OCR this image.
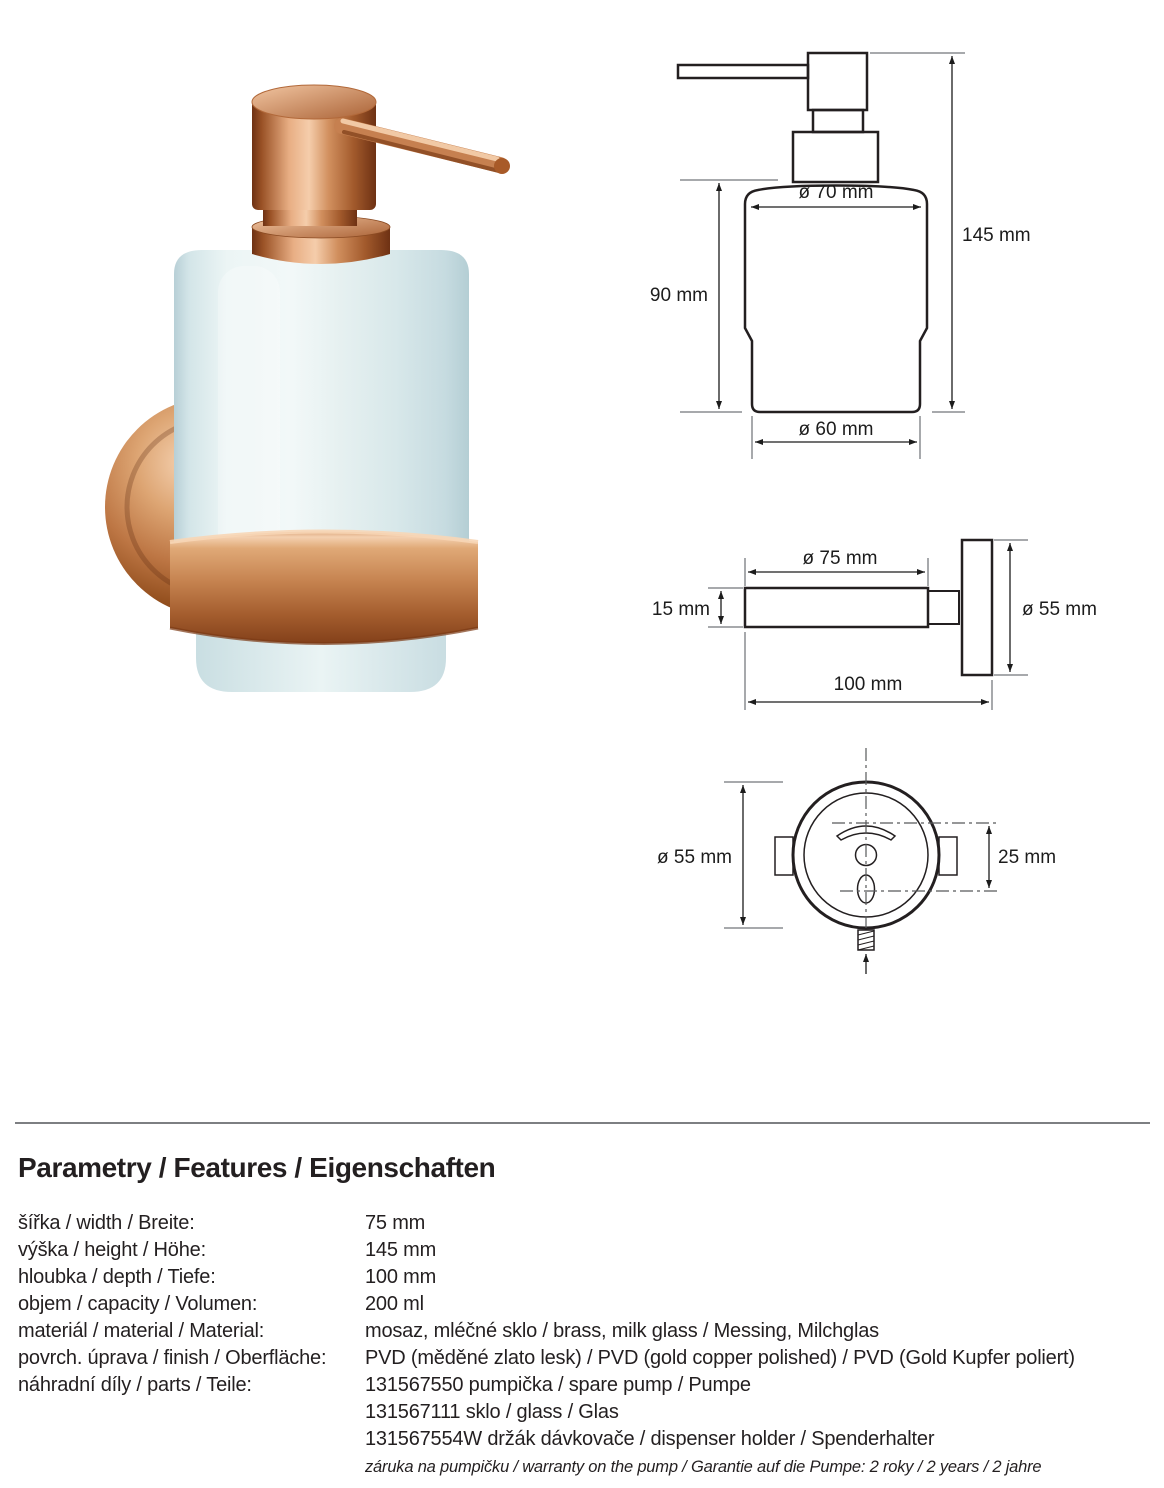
ø 70 mm
90 mm
145 mm
ø 60 mm
ø 75 mm
15 mm	ø 55 mm
100 mm
ø 55 mm	25 mm
Parametry / Features / Eigenschaften
šířka / width / Breite:	75 mm
výška / height / Höhe:	145 mm
hloubka / depth / Tiefe:	100 mm
objem / capacity / Volumen:	200 ml
materiál / material / Material:	mosaz, mléčné sklo / brass, milk glass / Messing, Milchglas
povrch. úprava / finish / Oberfläche:	PVD (měděné zlato lesk) / PVD (gold copper polished) / PVD (Gold Kupfer poliert)
náhradní díly / parts / Teile:	131567550 pumpička / spare pump / Pumpe
131567111 sklo / glass / Glas
131567554W držák dávkovače / dispenser holder / Spenderhalter
záruka na pumpičku / warranty on the pump / Garantie auf die Pumpe: 2 roky / 2 years / 2 jahre
